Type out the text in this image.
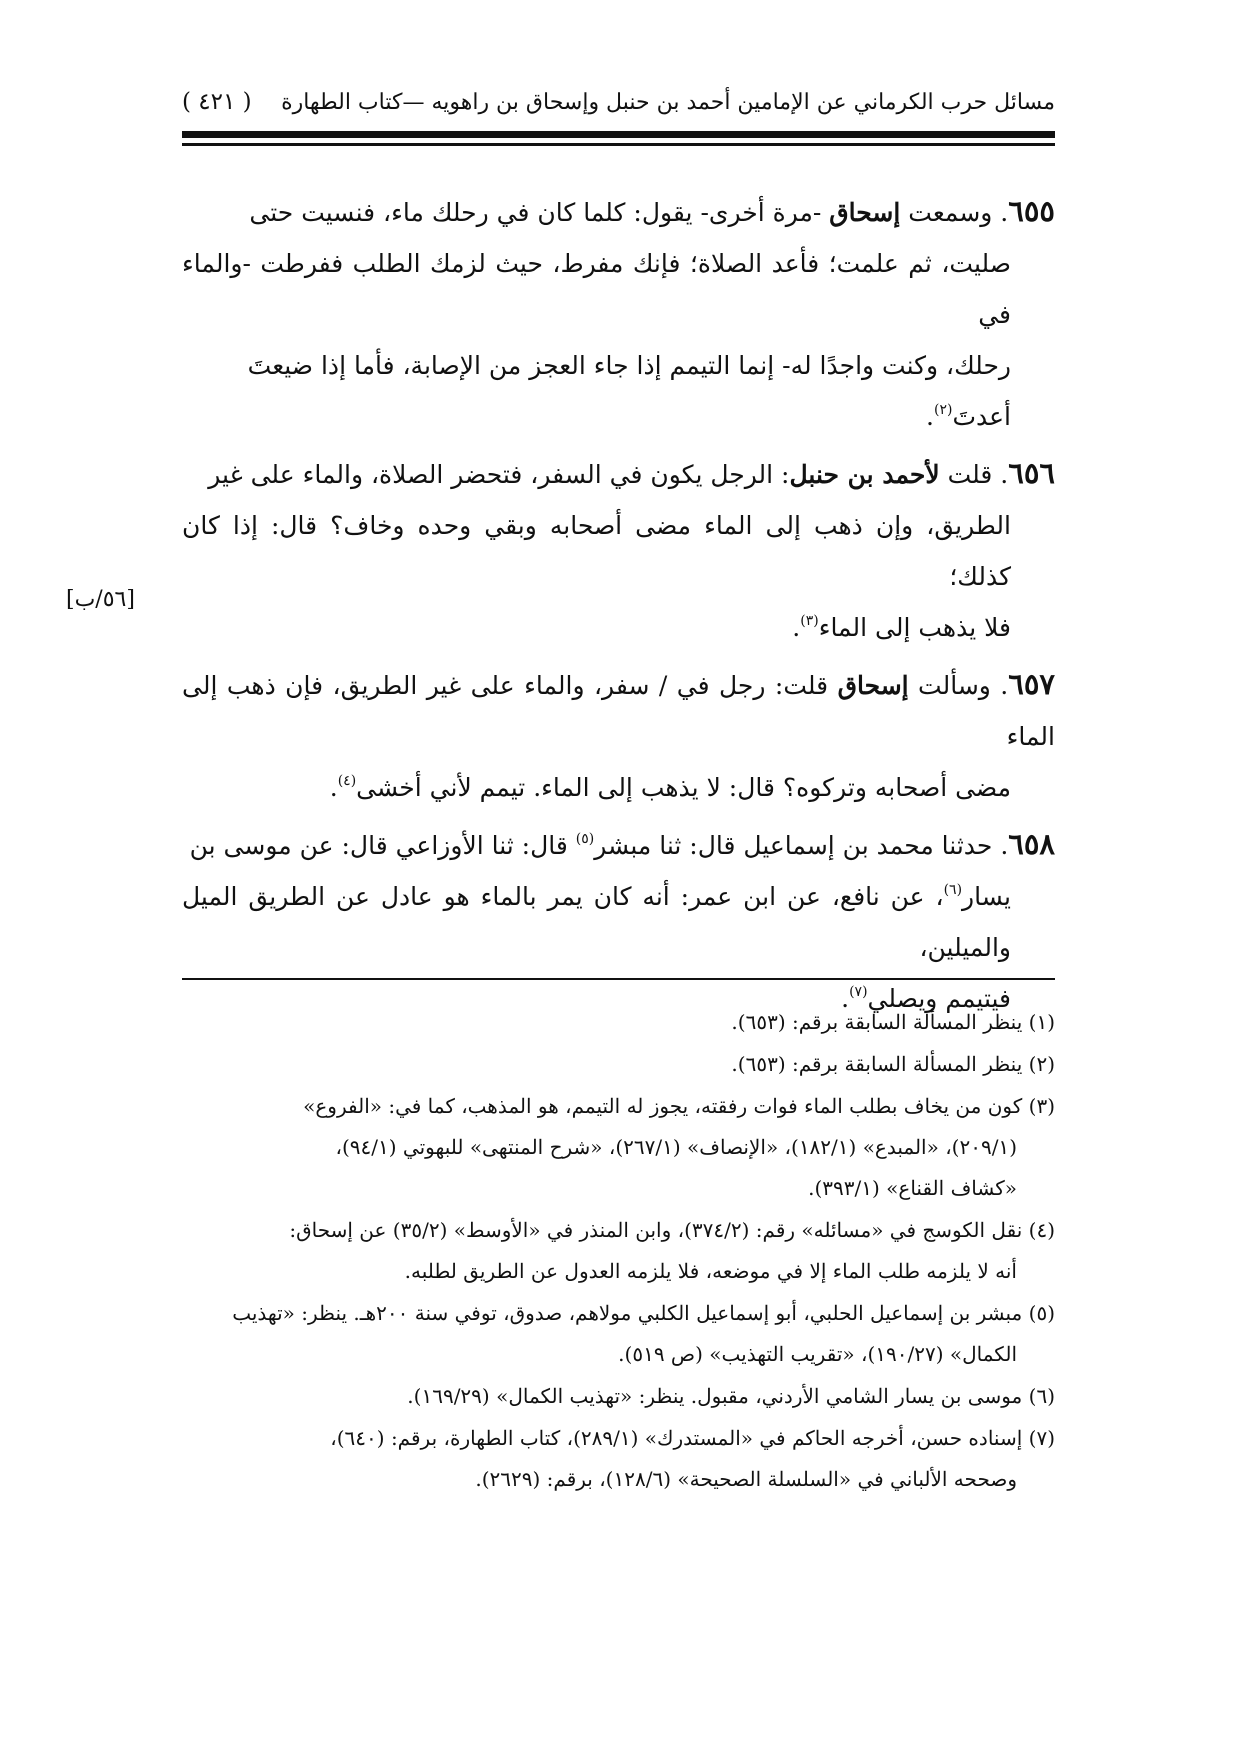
مسائل حرب الكرماني عن الإمامين أحمد بن حنبل وإسحاق بن راهويه —كتاب الطهارة
( ٤٢١ )
[٥٦/ب]
٦٥٥. وسمعت إسحاق -مرة أخرى- يقول: كلما كان في رحلك ماء، فنسيت حتى
صليت، ثم علمت؛ فأعد الصلاة؛ فإنك مفرط، حيث لزمك الطلب ففرطت -والماء في
رحلك، وكنت واجدًا له- إنما التيمم إذا جاء العجز من الإصابة، فأما إذا ضيعتَ
أعدتَ$^{(٢)}$.
٦٥٦. قلت لأحمد بن حنبل: الرجل يكون في السفر، فتحضر الصلاة، والماء على غير
الطريق، وإن ذهب إلى الماء مضى أصحابه وبقي وحده وخاف؟ قال: إذا كان كذلك؛
فلا يذهب إلى الماء$^{(٣)}$.
٦٥٧. وسألت إسحاق قلت: رجل في / سفر، والماء على غير الطريق، فإن ذهب إلى الماء
مضى أصحابه وتركوه؟ قال: لا يذهب إلى الماء. تيمم لأني أخشى$^{(٤)}$.
٦٥٨. حدثنا محمد بن إسماعيل قال: ثنا مبشر$^{(٥)}$ قال: ثنا الأوزاعي قال: عن موسى بن
يسار$^{(٦)}$، عن نافع، عن ابن عمر: أنه كان يمر بالماء هو عادل عن الطريق الميل والميلين،
فيتيمم ويصلي$^{(٧)}$.
(١) ينظر المسألة السابقة برقم: (٦٥٣).
(٢) ينظر المسألة السابقة برقم: (٦٥٣).
(٣) كون من يخاف بطلب الماء فوات رفقته، يجوز له التيمم، هو المذهب، كما في: «الفروع»
(٢٠٩/١)، «المبدع» (١٨٢/١)، «الإنصاف» (٢٦٧/١)، «شرح المنتهى» للبهوتي (٩٤/١)،
«كشاف القناع» (٣٩٣/١).
(٤) نقل الكوسج في «مسائله» رقم: (٣٧٤/٢)، وابن المنذر في «الأوسط» (٣٥/٢) عن إسحاق:
أنه لا يلزمه طلب الماء إلا في موضعه، فلا يلزمه العدول عن الطريق لطلبه.
(٥) مبشر بن إسماعيل الحلبي، أبو إسماعيل الكلبي مولاهم، صدوق، توفي سنة ٢٠٠هـ. ينظر: «تهذيب
الكمال» (١٩٠/٢٧)، «تقريب التهذيب» (ص ٥١٩).
(٦) موسى بن يسار الشامي الأردني، مقبول. ينظر: «تهذيب الكمال» (١٦٩/٢٩).
(٧) إسناده حسن، أخرجه الحاكم في «المستدرك» (٢٨٩/١)، كتاب الطهارة، برقم: (٦٤٠)،
وصححه الألباني في «السلسلة الصحيحة» (١٢٨/٦)، برقم: (٢٦٢٩).
